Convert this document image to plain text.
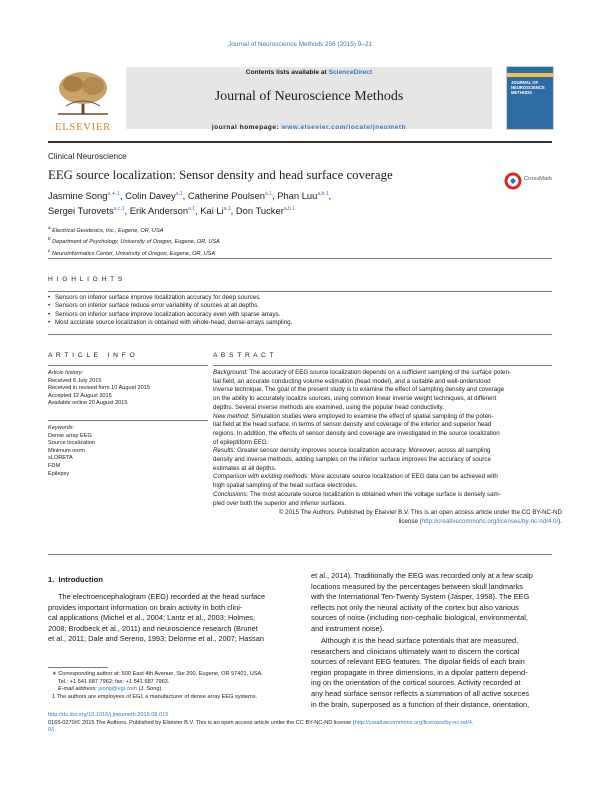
Journal of Neuroscience Methods 256 (2015) 9–21
Contents lists available at ScienceDirect
Journal of Neuroscience Methods
journal homepage: www.elsevier.com/locate/jneumeth
ELSEVIER
JOURNAL OF NEUROSCIENCE METHODS
Clinical Neuroscience
EEG source localization: Sensor density and head surface coverage	CrossMark
Jasmine Song$^{a,∗,1}$, Colin Davey$^{a,1}$, Catherine Poulsen$^{a,1}$, Phan Luu$^{a,b,1}$,
Sergei Turovets$^{a,c,1}$, Erik Anderson$^{a,1}$, Kai Li$^{a,1}$, Don Tucker$^{a,b,1}$
$^a$ Electrical Geodesics, Inc., Eugene, OR, USA
$^b$ Department of Psychology, University of Oregon, Eugene, OR, USA
$^c$ NeuroInformatics Center, University of Oregon, Eugene, OR, USA
H I G H L I G H T S
• Sensors on inferior surface improve localization accuracy for deep sources.
• Sensors on inferior surface reduce error variability of sources at all depths.
• Sensors on inferior surface improve localization accuracy even with sparse arrays.
• Most accurate source localization is obtained with whole-head, dense-arrays sampling.
A R T I C L E   I N F O
Article history:
Received 6 July 2015
Received in revised form 10 August 2015
Accepted 12 August 2015
Available online 20 August 2015
Keywords:
Dense array EEG
Source localization
Minimum norm
sLORETA
FDM
Epilepsy
A B S T R A C T
Background: The accuracy of EEG source localization depends on a sufficient sampling of the surface poten-
tial field, an accurate conducting volume estimation (head model), and a suitable and well-understood
inverse technique. The goal of the present study is to examine the effect of sampling density and coverage
on the ability to accurately localize sources, using common linear inverse weight techniques, at different
depths. Several inverse methods are examined, using the popular head conductivity.
New method: Simulation studies were employed to examine the effect of spatial sampling of the poten-
tial field at the head surface, in terms of sensor density and coverage of the inferior and superior head
regions. In addition, the effects of sensor density and coverage are investigated in the source localization
of epileptiform EEG.
Results: Greater sensor density improves source localization accuracy. Moreover, across all sampling
density and inverse methods, adding samples on the inferior surface improves the accuracy of source
estimates at all depths.
Comparison with existing methods: More accurate source localization of EEG data can be achieved with
high spatial sampling of the head surface electrodes.
Conclusions: The most accurate source localization is obtained when the voltage surface is densely sam-
pled over both the superior and inferior surfaces.
© 2015 The Authors. Published by Elsevier B.V. This is an open access article under the CC BY-NC-ND
license (http://creativecommons.org/licenses/by-nc-nd/4.0/).
1.  Introduction
The electroencephalogram (EEG) recorded at the head surface
provides important information on brain activity in both clini-
cal applications (Michel et al., 2004; Lantz et al., 2003; Holmes,
2008; Brodbeck et al., 2011) and neuroscience research (Brunet
et al., 2011; Dale and Sereno, 1993; Delorme et al., 2007; Hassan
∗ Corresponding author at: 500 East 4th Avenue, Ste 200, Eugene, OR 97401, USA.
Tel.: +1 541 687 7962; fax: +1 541 687 7963.
E-mail address: jsong@egi.com (J. Song).
1 The authors are employees of EGI, a manufacturer of dense array EEG systems.
et al., 2014). Traditionally the EEG was recorded only at a few scalp
locations measured by the percentages between skull landmarks
with the International Ten-Twenty System (Jasper, 1958). The EEG
reflects not only the neural activity of the cortex but also various
sources of noise (including non-cephalic biological, environmental,
and instrument noise).
Although it is the head surface potentials that are measured,
researchers and clinicians ultimately want to discern the cortical
sources of relevant EEG features. The dipolar fields of each brain
region propagate in three dimensions, in a dipolar pattern depend-
ing on the orientation of the cortical sources. Activity recorded at
any head surface sensor reflects a summation of all active sources
in the brain, superposed as a function of their distance, orientation,
http://dx.doi.org/10.1016/j.jneumeth.2015.08.015
0165-0270/© 2015 The Authors. Published by Elsevier B.V. This is an open access article under the CC BY-NC-ND license (http://creativecommons.org/licenses/by-nc-nd/4.
0/).
